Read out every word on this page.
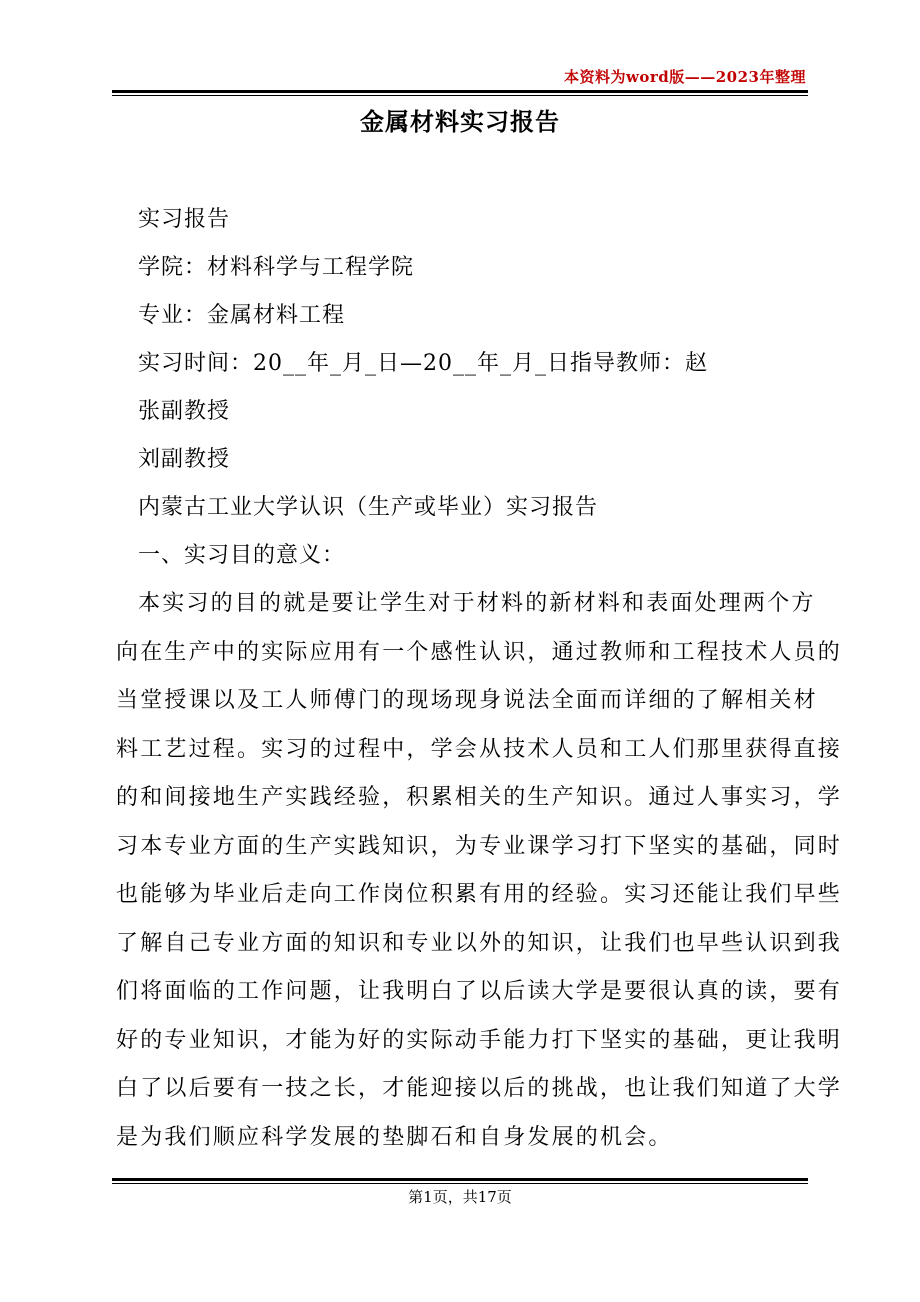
本资料为word版——2023年整理
金属材料实习报告
实习报告
学院：材料科学与工程学院
专业：金属材料工程
实习时间：20__年_月_日—20__年_月_日指导教师：赵
张副教授
刘副教授
内蒙古工业大学认识（生产或毕业）实习报告
一、实习目的意义：
本实习的目的就是要让学生对于材料的新材料和表面处理两个方
向在生产中的实际应用有一个感性认识，通过教师和工程技术人员的
当堂授课以及工人师傅门的现场现身说法全面而详细的了解相关材
料工艺过程。实习的过程中，学会从技术人员和工人们那里获得直接
的和间接地生产实践经验，积累相关的生产知识。通过人事实习，学
习本专业方面的生产实践知识，为专业课学习打下坚实的基础，同时
也能够为毕业后走向工作岗位积累有用的经验。实习还能让我们早些
了解自己专业方面的知识和专业以外的知识，让我们也早些认识到我
们将面临的工作问题，让我明白了以后读大学是要很认真的读，要有
好的专业知识，才能为好的实际动手能力打下坚实的基础，更让我明
白了以后要有一技之长，才能迎接以后的挑战，也让我们知道了大学
是为我们顺应科学发展的垫脚石和自身发展的机会。
第1页，共17页
